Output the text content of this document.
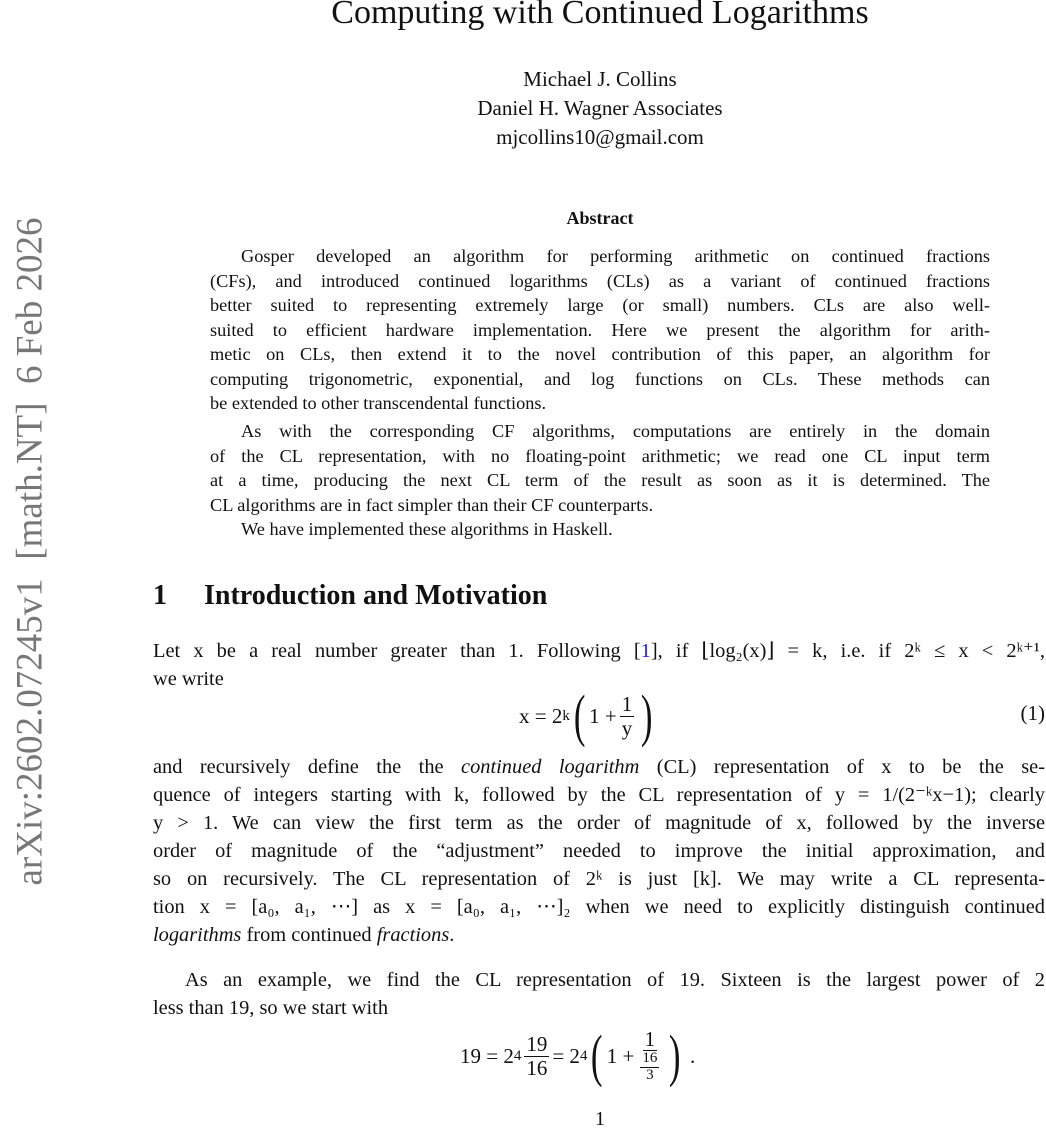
arXiv:2602.07245v1  [math.NT]  6 Feb 2026
Computing with Continued Logarithms
Michael J. Collins
Daniel H. Wagner Associates
mjcollins10@gmail.com
Abstract
Gosper developed an algorithm for performing arithmetic on continued fractions
(CFs), and introduced continued logarithms (CLs) as a variant of continued fractions
better suited to representing extremely large (or small) numbers. CLs are also well-
suited to efficient hardware implementation. Here we present the algorithm for arith-
metic on CLs, then extend it to the novel contribution of this paper, an algorithm for
computing trigonometric, exponential, and log functions on CLs. These methods can
be extended to other transcendental functions.
As with the corresponding CF algorithms, computations are entirely in the domain
of the CL representation, with no floating-point arithmetic; we read one CL input term
at a time, producing the next CL term of the result as soon as it is determined. The
CL algorithms are in fact simpler than their CF counterparts.
We have implemented these algorithms in Haskell.
1 Introduction and Motivation
Let x be a real number greater than 1. Following [1], if ⌊log₂(x)⌋ = k, i.e. if 2ᵏ ≤ x < 2ᵏ⁺¹,
we write
x = 2 k ( $1 + \frac{1}{y}$ )	(1)
and recursively define the the continued logarithm (CL) representation of x to be the se-
quence of integers starting with k, followed by the CL representation of y = 1/(2⁻ᵏx−1); clearly
y > 1. We can view the first term as the order of magnitude of x, followed by the inverse
order of magnitude of the “adjustment” needed to improve the initial approximation, and
so on recursively. The CL representation of 2ᵏ is just [k]. We may write a CL representa-
tion x = [a₀, a₁, ⋯] as x = [a₀, a₁, ⋯]₂ when we need to explicitly distinguish continued
logarithms from continued fractions.
As an example, we find the CL representation of 19. Sixteen is the largest power of 2
less than 19, so we start with
19 = 2 $4 \frac{19}{16} = 2$ 4 ( $1 + \frac{1}{\frac{16}{3}}$ )
.
1
